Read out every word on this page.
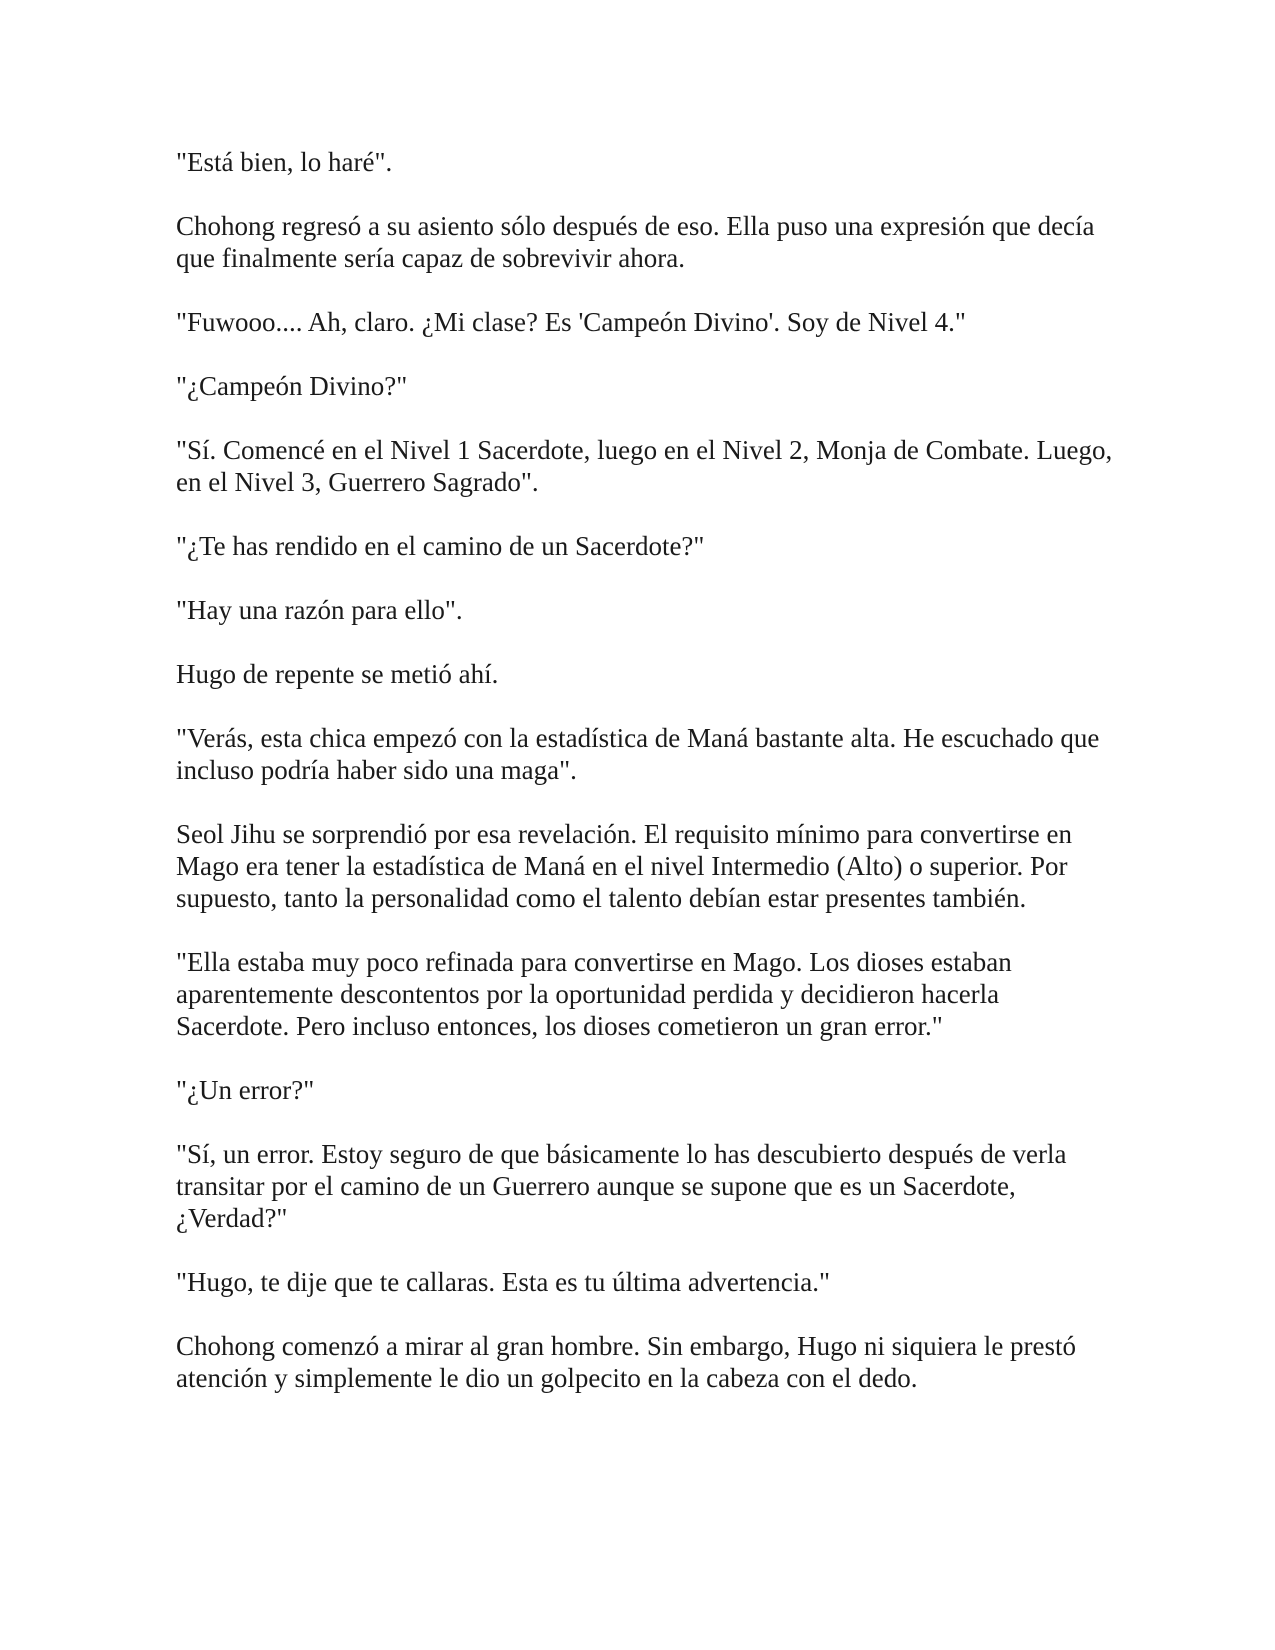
"Está bien, lo haré".

Chohong regresó a su asiento sólo después de eso. Ella puso una expresión que decía que finalmente sería capaz de sobrevivir ahora.

"Fuwooo.... Ah, claro. ¿Mi clase? Es 'Campeón Divino'. Soy de Nivel 4."

"¿Campeón Divino?"

"Sí. Comencé en el Nivel 1 Sacerdote, luego en el Nivel 2, Monja de Combate. Luego, en el Nivel 3, Guerrero Sagrado".

"¿Te has rendido en el camino de un Sacerdote?"

"Hay una razón para ello".

Hugo de repente se metió ahí.

"Verás, esta chica empezó con la estadística de Maná bastante alta. He escuchado que incluso podría haber sido una maga".

Seol Jihu se sorprendió por esa revelación. El requisito mínimo para convertirse en Mago era tener la estadística de Maná en el nivel Intermedio (Alto) o superior. Por supuesto, tanto la personalidad como el talento debían estar presentes también.

"Ella estaba muy poco refinada para convertirse en Mago. Los dioses estaban aparentemente descontentos por la oportunidad perdida y decidieron hacerla Sacerdote. Pero incluso entonces, los dioses cometieron un gran error."

"¿Un error?"

"Sí, un error. Estoy seguro de que básicamente lo has descubierto después de verla transitar por el camino de un Guerrero aunque se supone que es un Sacerdote, ¿Verdad?"

"Hugo, te dije que te callaras. Esta es tu última advertencia."

Chohong comenzó a mirar al gran hombre. Sin embargo, Hugo ni siquiera le prestó atención y simplemente le dio un golpecito en la cabeza con el dedo.
